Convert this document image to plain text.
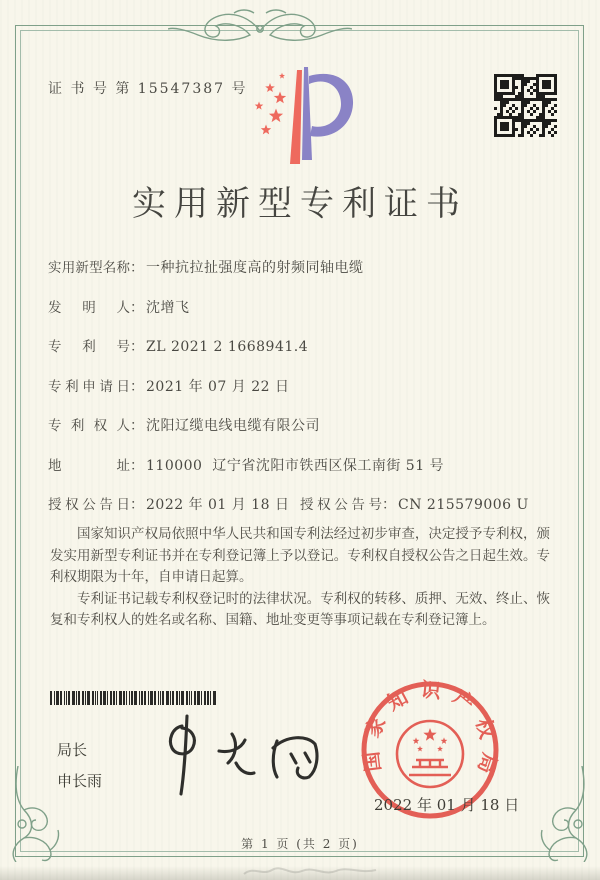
证 书 号 第 15547387 号
实用新型专利证书
实用新型名称： 一种抗拉扯强度高的射频同轴电缆
发明人： 沈增飞
专利号： ZL 2021 2 1668941.4
专利申请日： 2021 年 07 月 22 日
专利权人： 沈阳辽缆电线电缆有限公司
地址： 110000  辽宁省沈阳市铁西区保工南街 51 号
授权公告日： 2022 年 01 月 18 日 授权公告号： CN 215579006 U

国家知识产权局依照中华人民共和国专利法经过初步审查，决定授予专利权，颁发实用新型专利证书并在专利登记簿上予以登记。专利权自授权公告之日起生效。专利权期限为十年，自申请日起算。

专利证书记载专利权登记时的法律状况。专利权的转移、质押、无效、终止、恢复和专利权人的姓名或名称、国籍、地址变更等事项记载在专利登记簿上。

局长
申长雨
国家知识产权局
2022 年 01 月 18 日
第 1 页 (共 2 页)
